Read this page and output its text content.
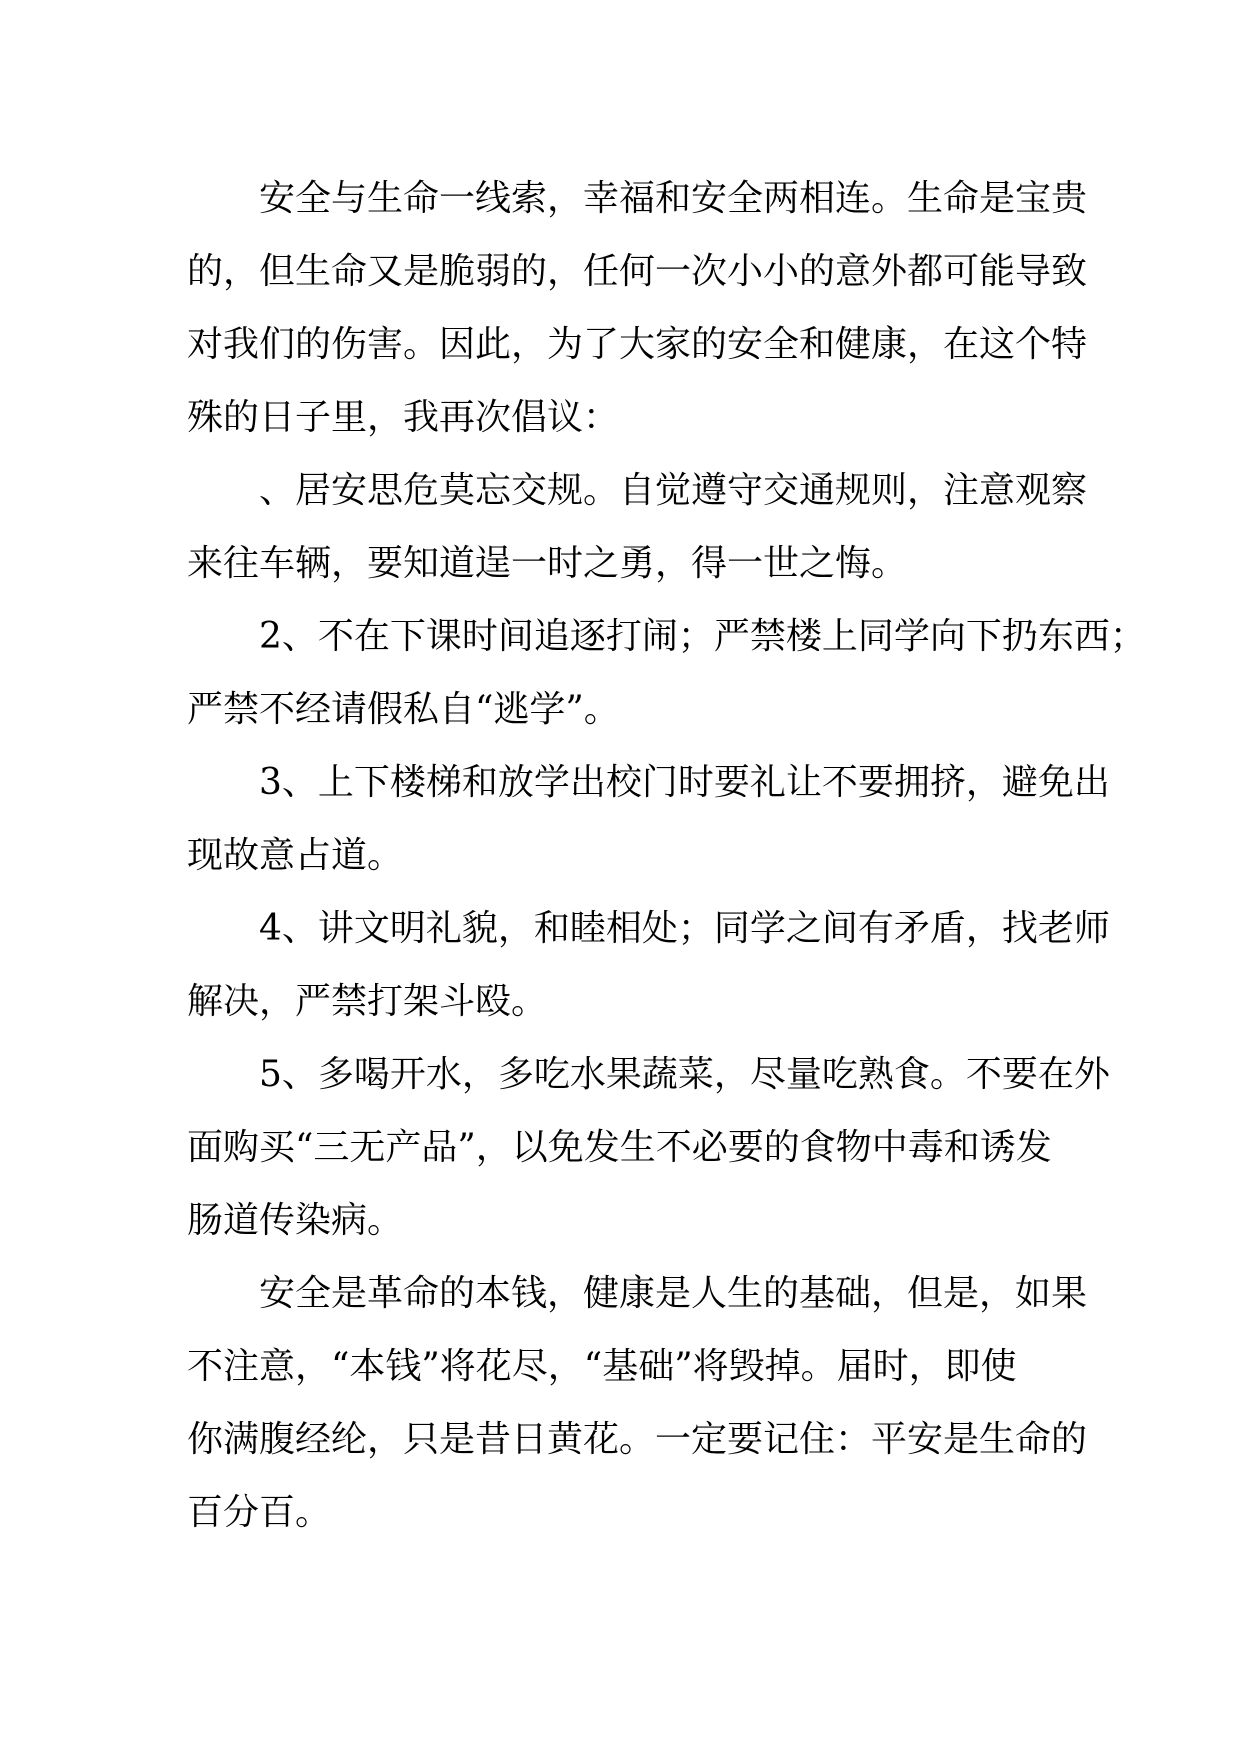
安全与生命一线索，幸福和安全两相连。生命是宝贵
的，但生命又是脆弱的，任何一次小小的意外都可能导致
对我们的伤害。因此，为了大家的安全和健康，在这个特
殊的日子里，我再次倡议：
、居安思危莫忘交规。自觉遵守交通规则，注意观察
来往车辆，要知道逞一时之勇，得一世之悔。
2、不在下课时间追逐打闹；严禁楼上同学向下扔东西；
严禁不经请假私自“逃学”。
3、上下楼梯和放学出校门时要礼让不要拥挤，避免出
现故意占道。
4、讲文明礼貌，和睦相处；同学之间有矛盾，找老师
解决，严禁打架斗殴。
5、多喝开水，多吃水果蔬菜，尽量吃熟食。不要在外
面购买“三无产品”，以免发生不必要的食物中毒和诱发
肠道传染病。
安全是革命的本钱，健康是人生的基础，但是，如果
不注意，“本钱”将花尽，“基础”将毁掉。届时，即使
你满腹经纶，只是昔日黄花。一定要记住：平安是生命的
百分百。
